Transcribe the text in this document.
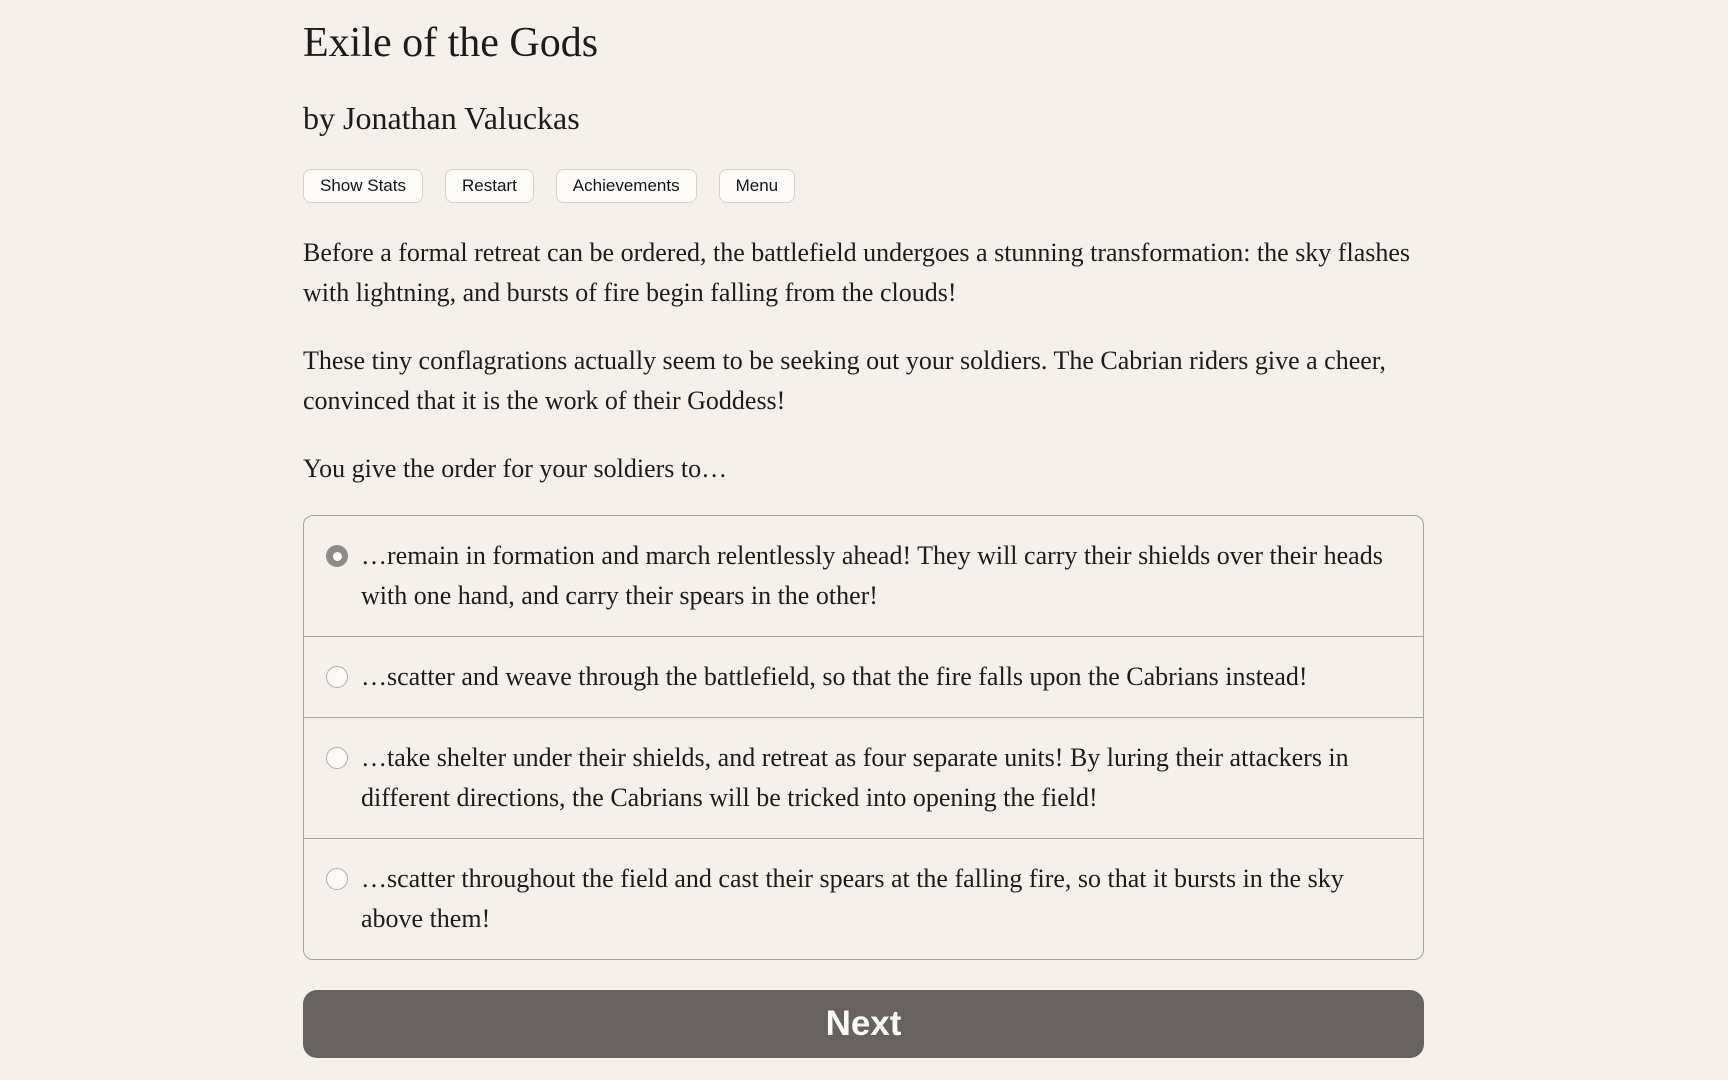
Exile of the Gods
by Jonathan Valuckas
Show Stats	Restart	Achievements	Menu

Before a formal retreat can be ordered, the battlefield undergoes a stunning transformation: the sky flashes with lightning, and bursts of fire begin falling from the clouds!

These tiny conflagrations actually seem to be seeking out your soldiers. The Cabrian riders give a cheer, convinced that it is the work of their Goddess!

You give the order for your soldiers to…

…remain in formation and march relentlessly ahead! They will carry their shields over their heads with one hand, and carry their spears in the other!
…scatter and weave through the battlefield, so that the fire falls upon the Cabrians instead!
…take shelter under their shields, and retreat as four separate units! By luring their attackers in different directions, the Cabrians will be tricked into opening the field!
…scatter throughout the field and cast their spears at the falling fire, so that it bursts in the sky above them!
Next
